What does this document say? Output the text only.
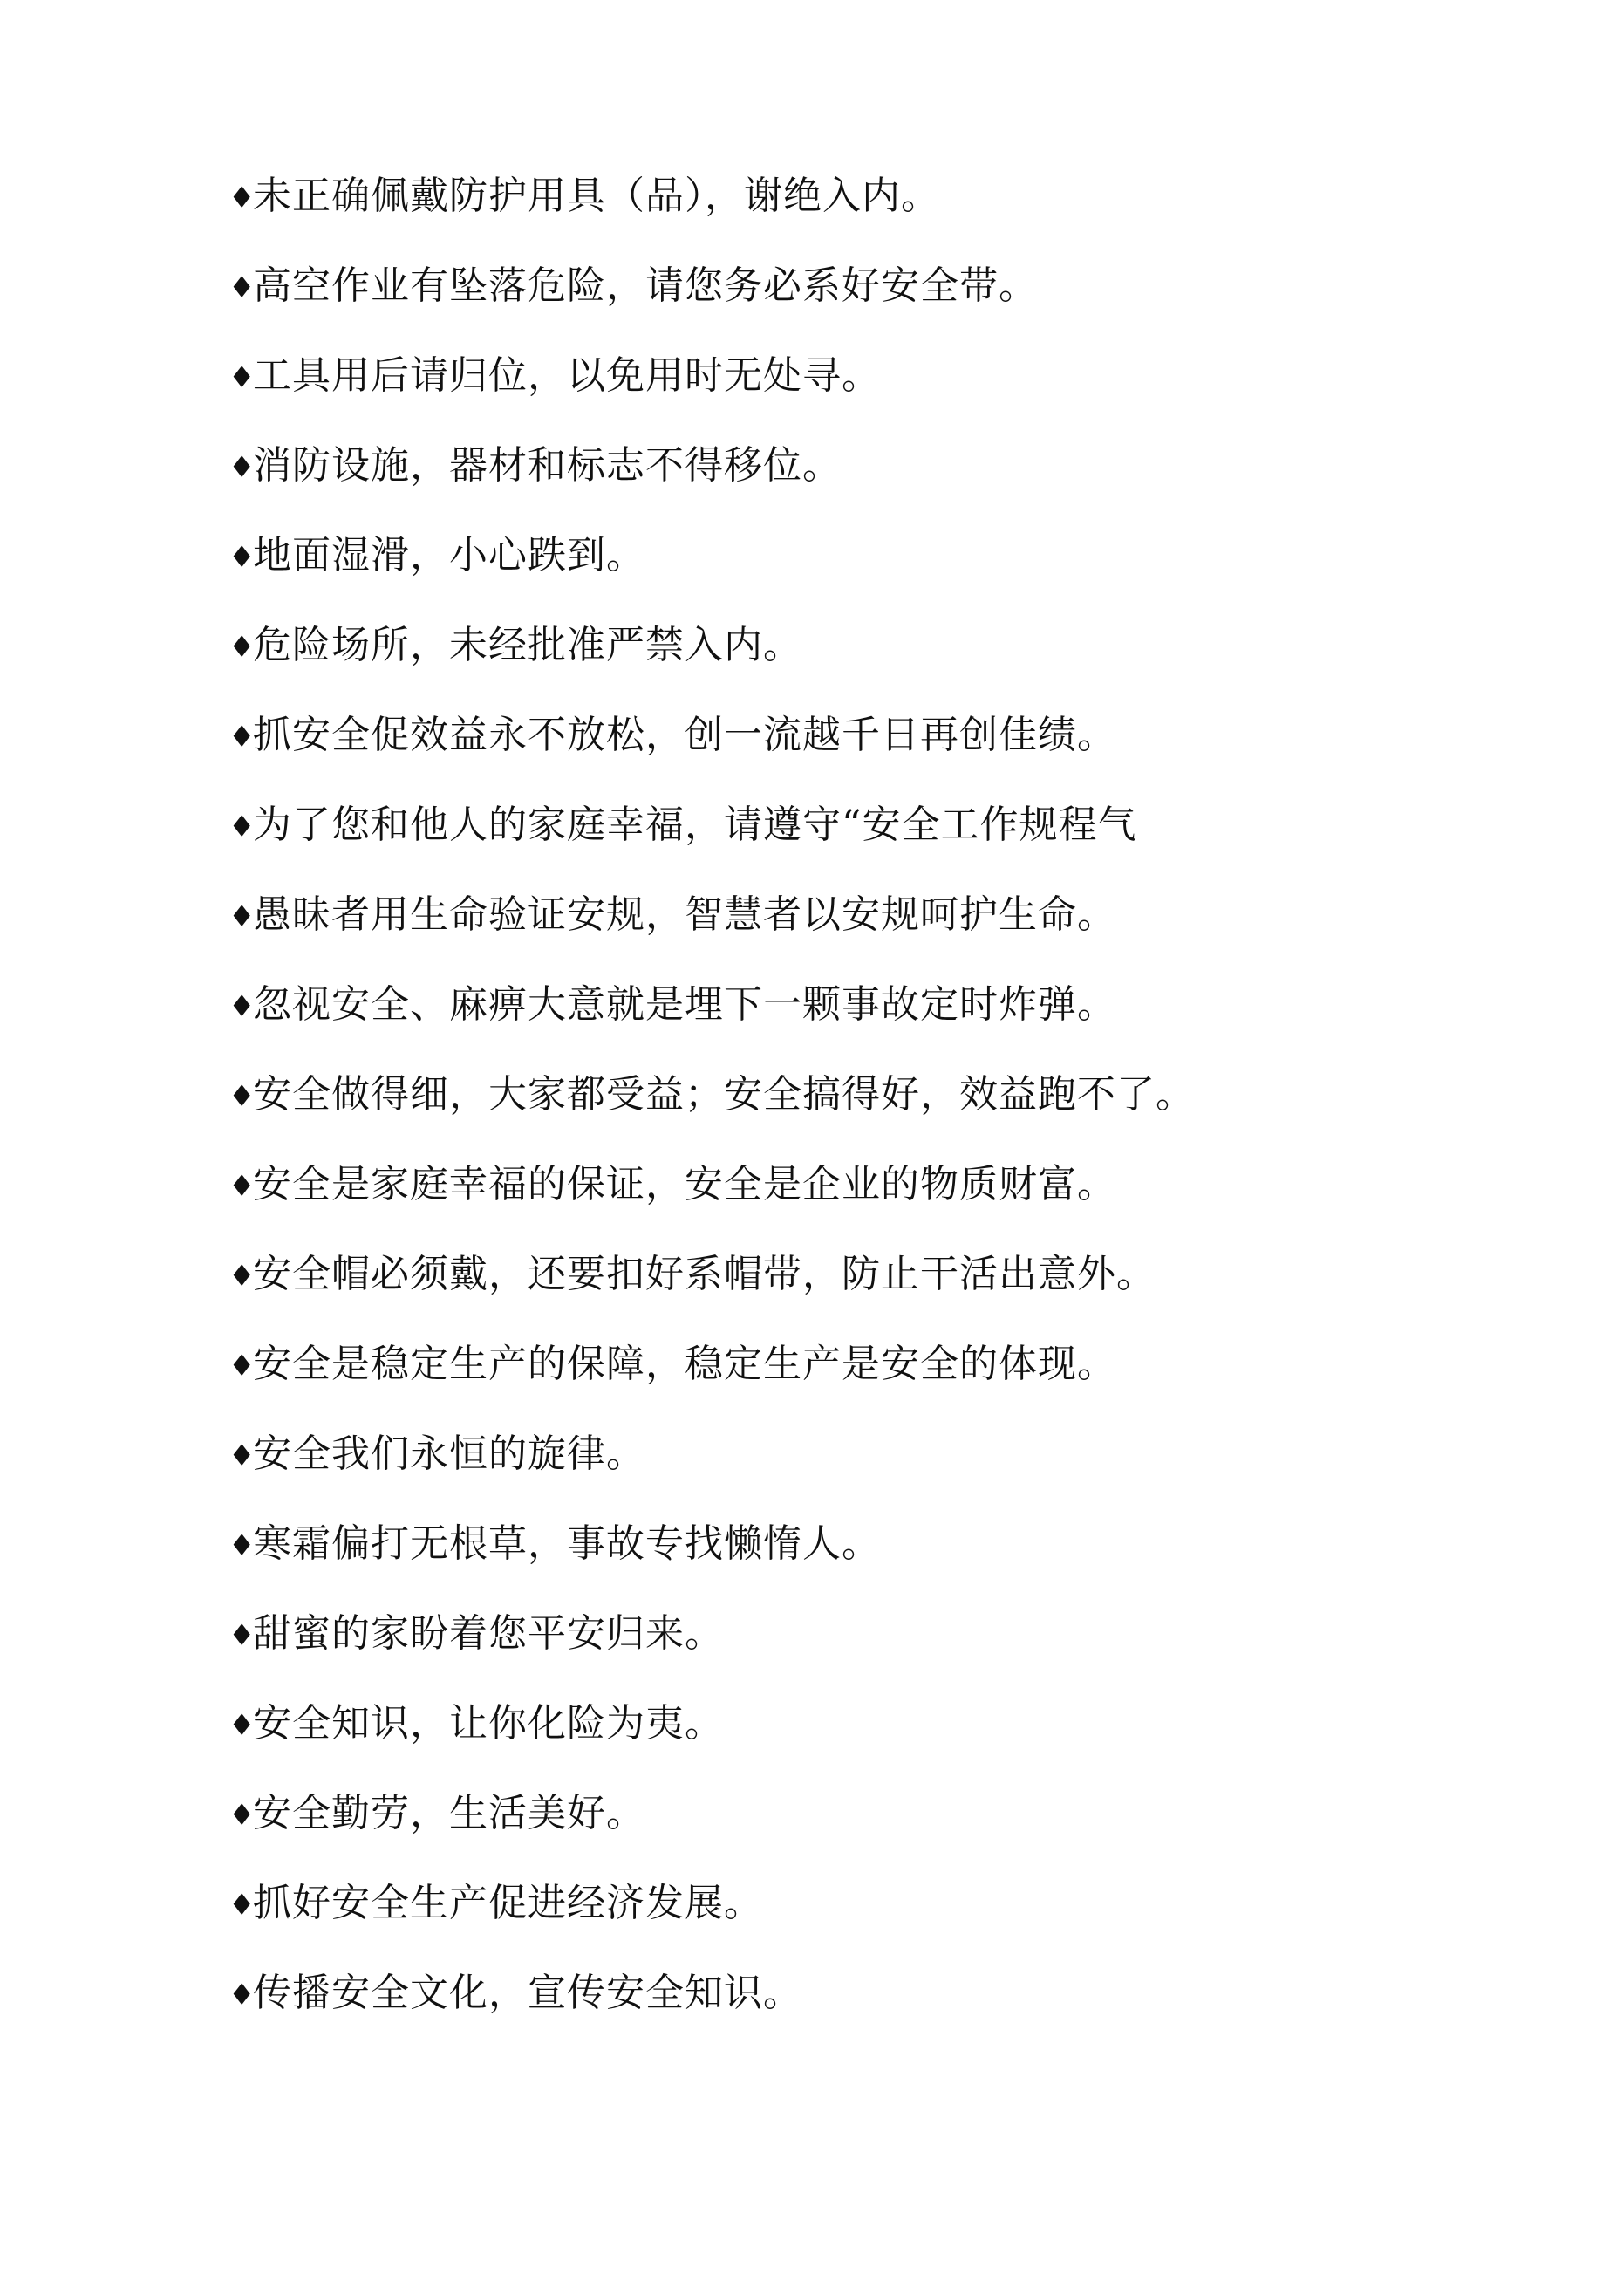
♦
未正确佩戴防护用具（品），谢绝入内。
♦
高空作业有坠落危险，请您务必系好安全带。
♦
工具用后请归位，以免用时无处寻。
♦
消防设施，器材和标志不得移位。
♦
地面湿滑，小心跌到。
♦
危险场所，未经批准严禁入内。
♦
抓安全促效益永不放松，创一流越千日再创佳绩。
♦
为了您和他人的家庭幸福，请遵守“安全工作规程气
♦
愚昧者用生命验证安规，智慧者以安规呵护生命。
♦
忽视安全、麻痹大意就是埋下一颗事故定时炸弹。
♦
安全做得细，大家都受益；安全搞得好，效益跑不了。
♦
安全是家庭幸福的保证，安全是企业的物质财富。
♦
安全帽必须戴，还要扣好系帽带，防止干活出意外。
♦
安全是稳定生产的保障，稳定生产是安全的体现。
♦
安全我们永恒的旋律。
♦
寒霜偏打无根草，事故专找懒惰人。
♦
甜蜜的家盼着您平安归来。
♦
安全知识，让你化险为夷。
♦
安全勤劳，生活美好。
♦
抓好安全生产促进经济发展。
♦
传播安全文化，宣传安全知识。
